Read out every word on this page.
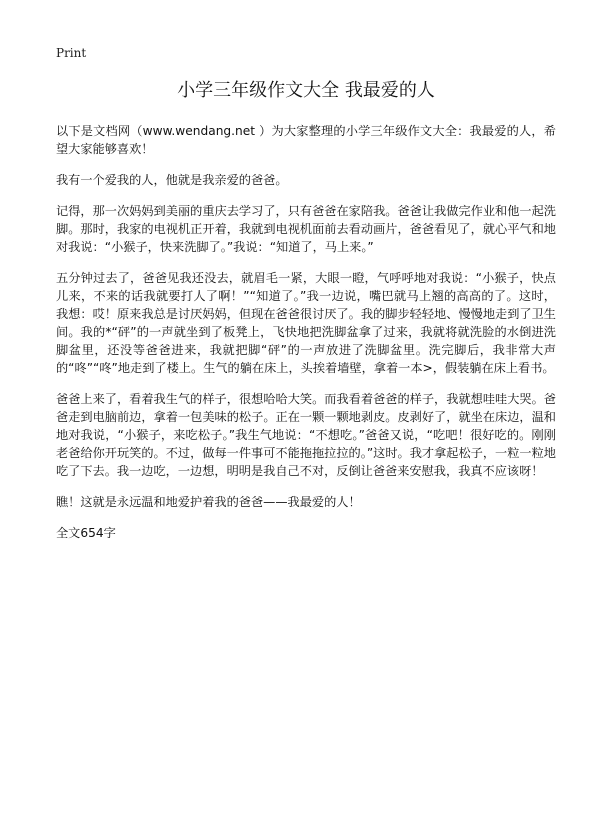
Print
小学三年级作文大全 我最爱的人

以下是文档网（www.wendang.net ）为大家整理的小学三年级作文大全：我最爱的人，希望大家能够喜欢！

我有一个爱我的人，他就是我亲爱的爸爸。

记得，那一次妈妈到美丽的重庆去学习了，只有爸爸在家陪我。爸爸让我做完作业和他一起洗脚。那时，我家的电视机正开着，我就到电视机面前去看动画片，爸爸看见了，就心平气和地对我说：“小猴子，快来洗脚了。”我说：“知道了，马上来。”

五分钟过去了，爸爸见我还没去，就眉毛一紧，大眼一瞪，气呼呼地对我说：“小猴子，快点儿来，不来的话我就要打人了啊！”“知道了。”我一边说，嘴巴就马上翘的高高的了。这时，我想：哎！原来我总是讨厌妈妈，但现在爸爸很讨厌了。我的脚步轻轻地、慢慢地走到了卫生间。我的*“砰”的一声就坐到了板凳上，飞快地把洗脚盆拿了过来，我就将就洗脸的水倒进洗脚盆里，还没等爸爸进来，我就把脚“砰”的一声放进了洗脚盆里。洗完脚后，我非常大声的“咚”“咚”地走到了楼上。生气的躺在床上，头挨着墙壁，拿着一本>，假装躺在床上看书。

爸爸上来了，看着我生气的样子，很想哈哈大笑。而我看着爸爸的样子，我就想哇哇大哭。爸爸走到电脑前边，拿着一包美味的松子。正在一颗一颗地剥皮。皮剥好了，就坐在床边，温和地对我说，“小猴子，来吃松子。”我生气地说：“不想吃。”爸爸又说，“吃吧！很好吃的。刚刚老爸给你开玩笑的。不过，做每一件事可不能拖拖拉拉的。”这时。我才拿起松子，一粒一粒地吃了下去。我一边吃，一边想，明明是我自己不对，反倒让爸爸来安慰我，我真不应该呀！

瞧！这就是永远温和地爱护着我的爸爸——我最爱的人！

全文654字
